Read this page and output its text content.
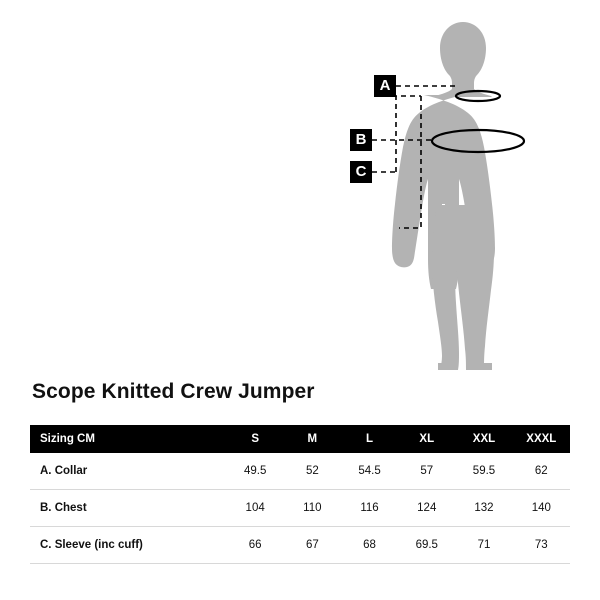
A
B
C
Scope Knitted Crew Jumper
Sizing CM	S	M	L	XL	XXL	XXXL
A. Collar	49.5	52	54.5	57	59.5	62
B. Chest	104	110	116	124	132	140
C. Sleeve (inc cuff)	66	67	68	69.5	71	73
